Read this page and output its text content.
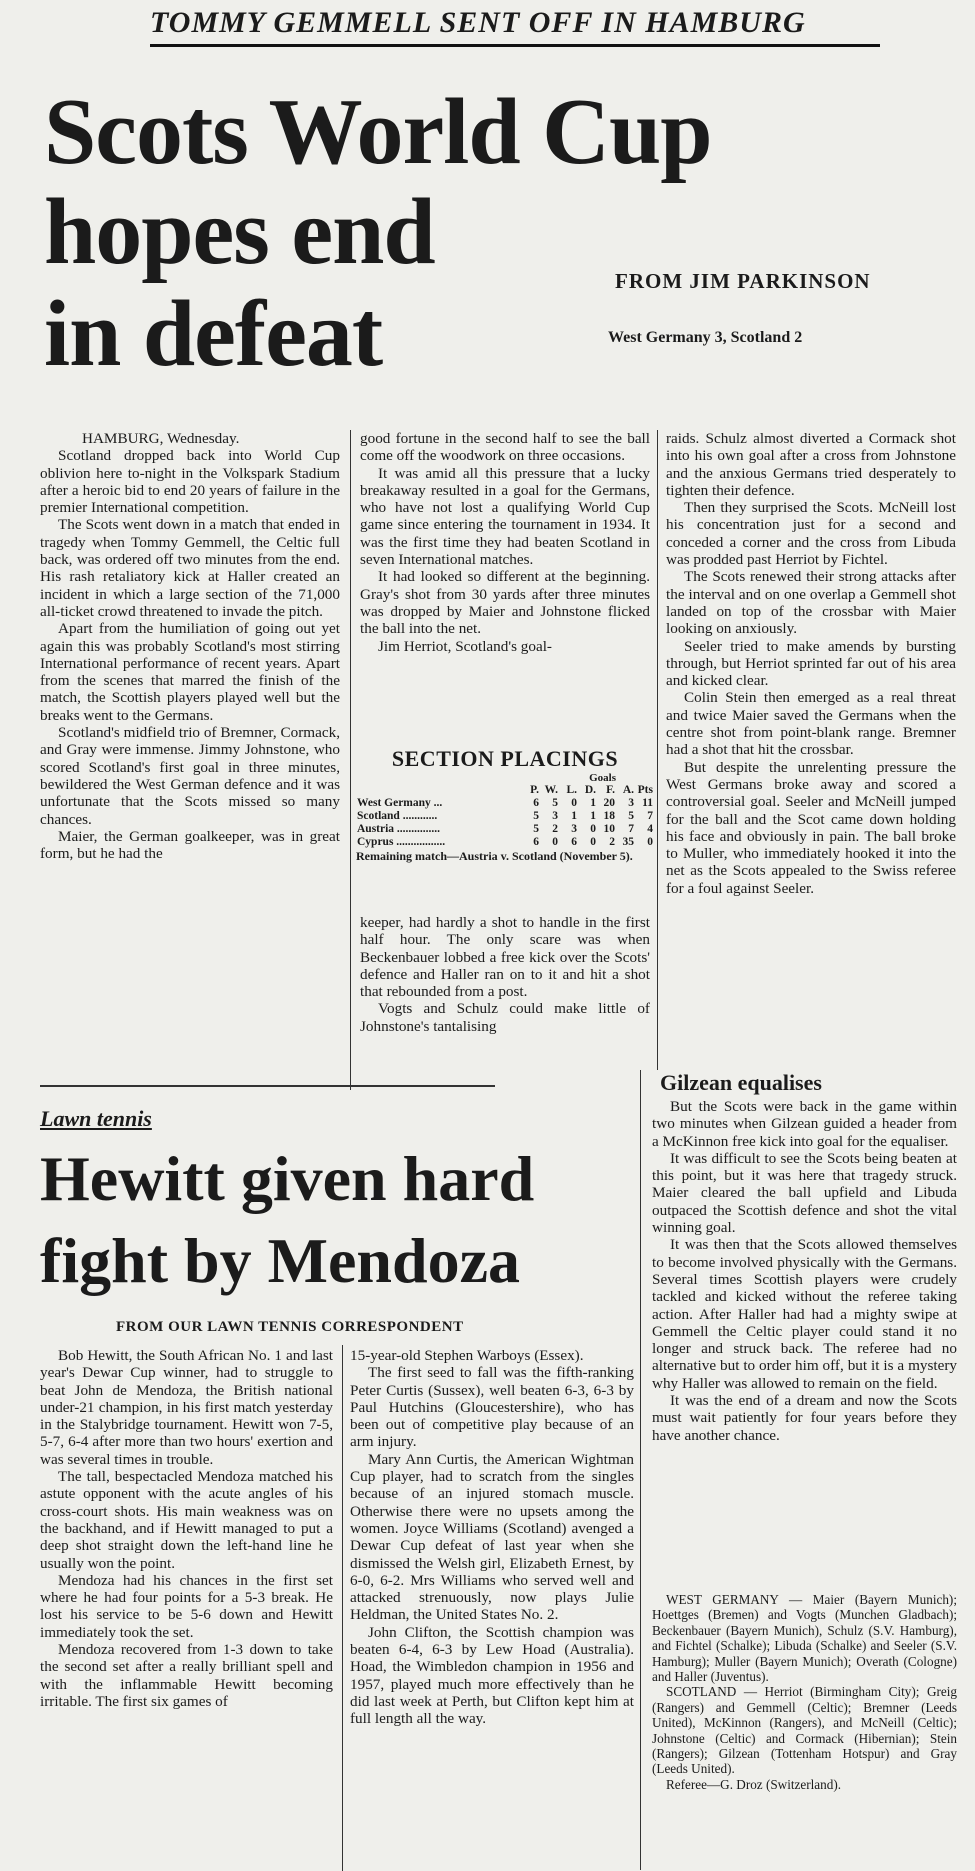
TOMMY GEMMELL SENT OFF IN HAMBURG
Scots World Cup
hopes end
in defeat
FROM JIM PARKINSON
West Germany 3, Scotland 2

HAMBURG, Wednesday.

Scotland dropped back into World Cup oblivion here to-night in the Volkspark Stadium after a heroic bid to end 20 years of failure in the premier International competition.

The Scots went down in a match that ended in tragedy when Tommy Gemmell, the Celtic full back, was ordered off two minutes from the end. His rash retaliatory kick at Haller created an incident in which a large section of the 71,000 all-ticket crowd threatened to invade the pitch.

Apart from the humiliation of going out yet again this was probably Scotland's most stirring International performance of recent years. Apart from the scenes that marred the finish of the match, the Scottish players played well but the breaks went to the Germans.

Scotland's midfield trio of Bremner, Cormack, and Gray were immense. Jimmy Johnstone, who scored Scotland's first goal in three minutes, bewildered the West German defence and it was unfortunate that the Scots missed so many chances.

Maier, the German goalkeeper, was in great form, but he had the

good fortune in the second half to see the ball come off the woodwork on three occasions.

It was amid all this pressure that a lucky breakaway resulted in a goal for the Germans, who have not lost a qualifying World Cup game since entering the tournament in 1934. It was the first time they had beaten Scotland in seven International matches.

It had looked so different at the beginning. Gray's shot from 30 yards after three minutes was dropped by Maier and Johnstone flicked the ball into the net.

Jim Herriot, Scotland's goal-

SECTION PLACINGS
Goals
	P.	W.	L.	D.	F.	A.	Pts
West Germany ...	6	5	0	1	20	3	11
Scotland ............	5	3	1	1	18	5	7
Austria ...............	5	2	3	0	10	7	4
Cyprus .................	6	0	6	0	2	35	0
Remaining match—Austria v. Scotland (November 5).

keeper, had hardly a shot to handle in the first half hour. The only scare was when Beckenbauer lobbed a free kick over the Scots' defence and Haller ran on to it and hit a shot that rebounded from a post.

Vogts and Schulz could make little of Johnstone's tantalising

raids. Schulz almost diverted a Cormack shot into his own goal after a cross from Johnstone and the anxious Germans tried desperately to tighten their defence.

Then they surprised the Scots. McNeill lost his concentration just for a second and conceded a corner and the cross from Libuda was prodded past Herriot by Fichtel.

The Scots renewed their strong attacks after the interval and on one overlap a Gemmell shot landed on top of the crossbar with Maier looking on anxiously.

Seeler tried to make amends by bursting through, but Herriot sprinted far out of his area and kicked clear.

Colin Stein then emerged as a real threat and twice Maier saved the Germans when the centre shot from point-blank range. Bremner had a shot that hit the crossbar.

But despite the unrelenting pressure the West Germans broke away and scored a controversial goal. Seeler and McNeill jumped for the ball and the Scot came down holding his face and obviously in pain. The ball broke to Muller, who immediately hooked it into the net as the Scots appealed to the Swiss referee for a foul against Seeler.

Gilzean equalises

But the Scots were back in the game within two minutes when Gilzean guided a header from a McKinnon free kick into goal for the equaliser.

It was difficult to see the Scots being beaten at this point, but it was here that tragedy struck. Maier cleared the ball upfield and Libuda outpaced the Scottish defence and shot the vital winning goal.

It was then that the Scots allowed themselves to become involved physically with the Germans. Several times Scottish players were crudely tackled and kicked without the referee taking action. After Haller had had a mighty swipe at Gemmell the Celtic player could stand it no longer and struck back. The referee had no alternative but to order him off, but it is a mystery why Haller was allowed to remain on the field.

It was the end of a dream and now the Scots must wait patiently for four years before they have another chance.

WEST GERMANY — Maier (Bayern Munich); Hoettges (Bremen) and Vogts (Munchen Gladbach); Beckenbauer (Bayern Munich), Schulz (S.V. Hamburg), and Fichtel (Schalke); Libuda (Schalke) and Seeler (S.V. Hamburg); Muller (Bayern Munich); Overath (Cologne) and Haller (Juventus).

SCOTLAND — Herriot (Birmingham City); Greig (Rangers) and Gemmell (Celtic); Bremner (Leeds United), McKinnon (Rangers), and McNeill (Celtic); Johnstone (Celtic) and Cormack (Hibernian); Stein (Rangers); Gilzean (Tottenham Hotspur) and Gray (Leeds United).

Referee—G. Droz (Switzerland).

Lawn tennis
Hewitt given hard
fight by Mendoza
FROM OUR LAWN TENNIS CORRESPONDENT

Bob Hewitt, the South African No. 1 and last year's Dewar Cup winner, had to struggle to beat John de Mendoza, the British national under-21 champion, in his first match yesterday in the Stalybridge tournament. Hewitt won 7-5, 5-7, 6-4 after more than two hours' exertion and was several times in trouble.

The tall, bespectacled Mendoza matched his astute opponent with the acute angles of his cross-court shots. His main weakness was on the backhand, and if Hewitt managed to put a deep shot straight down the left-hand line he usually won the point.

Mendoza had his chances in the first set where he had four points for a 5-3 break. He lost his service to be 5-6 down and Hewitt immediately took the set.

Mendoza recovered from 1-3 down to take the second set after a really brilliant spell and with the inflammable Hewitt becoming irritable. The first six games of

15-year-old Stephen Warboys (Essex).

The first seed to fall was the fifth-ranking Peter Curtis (Sussex), well beaten 6-3, 6-3 by Paul Hutchins (Gloucestershire), who has been out of competitive play because of an arm injury.

Mary Ann Curtis, the American Wightman Cup player, had to scratch from the singles because of an injured stomach muscle. Otherwise there were no upsets among the women. Joyce Williams (Scotland) avenged a Dewar Cup defeat of last year when she dismissed the Welsh girl, Elizabeth Ernest, by 6-0, 6-2. Mrs Williams who served well and attacked strenuously, now plays Julie Heldman, the United States No. 2.

John Clifton, the Scottish champion was beaten 6-4, 6-3 by Lew Hoad (Australia). Hoad, the Wimbledon champion in 1956 and 1957, played much more effectively than he did last week at Perth, but Clifton kept him at full length all the way.
